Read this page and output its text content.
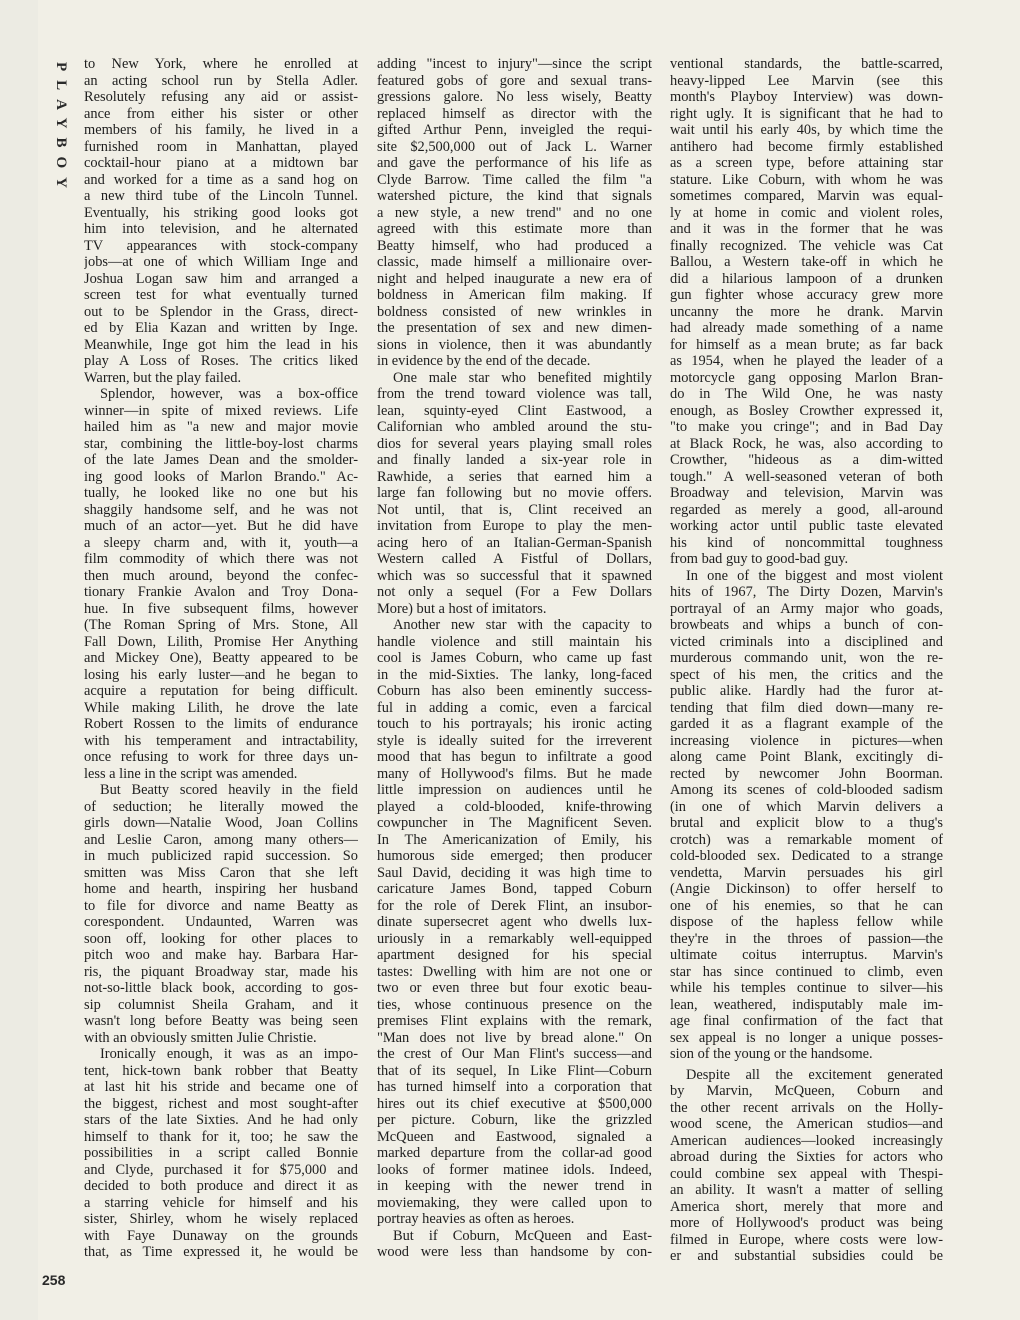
PLAYBOY
258
to New York, where he enrolled at
an acting school run by Stella Adler.
Resolutely refusing any aid or assist-
ance from either his sister or other
members of his family, he lived in a
furnished room in Manhattan, played
cocktail-hour piano at a midtown bar
and worked for a time as a sand hog on
a new third tube of the Lincoln Tunnel.
Eventually, his striking good looks got
him into television, and he alternated
TV appearances with stock-company
jobs—at one of which William Inge and
Joshua Logan saw him and arranged a
screen test for what eventually turned
out to be Splendor in the Grass, direct-
ed by Elia Kazan and written by Inge.
Meanwhile, Inge got him the lead in his
play A Loss of Roses. The critics liked
Warren, but the play failed.
Splendor, however, was a box-office
winner—in spite of mixed reviews. Life
hailed him as "a new and major movie
star, combining the little-boy-lost charms
of the late James Dean and the smolder-
ing good looks of Marlon Brando." Ac-
tually, he looked like no one but his
shaggily handsome self, and he was not
much of an actor—yet. But he did have
a sleepy charm and, with it, youth—a
film commodity of which there was not
then much around, beyond the confec-
tionary Frankie Avalon and Troy Dona-
hue. In five subsequent films, however
(The Roman Spring of Mrs. Stone, All
Fall Down, Lilith, Promise Her Anything
and Mickey One), Beatty appeared to be
losing his early luster—and he began to
acquire a reputation for being difficult.
While making Lilith, he drove the late
Robert Rossen to the limits of endurance
with his temperament and intractability,
once refusing to work for three days un-
less a line in the script was amended.
But Beatty scored heavily in the field
of seduction; he literally mowed the
girls down—Natalie Wood, Joan Collins
and Leslie Caron, among many others—
in much publicized rapid succession. So
smitten was Miss Caron that she left
home and hearth, inspiring her husband
to file for divorce and name Beatty as
corespondent. Undaunted, Warren was
soon off, looking for other places to
pitch woo and make hay. Barbara Har-
ris, the piquant Broadway star, made his
not-so-little black book, according to gos-
sip columnist Sheila Graham, and it
wasn't long before Beatty was being seen
with an obviously smitten Julie Christie.
Ironically enough, it was as an impo-
tent, hick-town bank robber that Beatty
at last hit his stride and became one of
the biggest, richest and most sought-after
stars of the late Sixties. And he had only
himself to thank for it, too; he saw the
possibilities in a script called Bonnie
and Clyde, purchased it for $75,000 and
decided to both produce and direct it as
a starring vehicle for himself and his
sister, Shirley, whom he wisely replaced
with Faye Dunaway on the grounds
that, as Time expressed it, he would be
adding "incest to injury"—since the script
featured gobs of gore and sexual trans-
gressions galore. No less wisely, Beatty
replaced himself as director with the
gifted Arthur Penn, inveigled the requi-
site $2,500,000 out of Jack L. Warner
and gave the performance of his life as
Clyde Barrow. Time called the film "a
watershed picture, the kind that signals
a new style, a new trend" and no one
agreed with this estimate more than
Beatty himself, who had produced a
classic, made himself a millionaire over-
night and helped inaugurate a new era of
boldness in American film making. If
boldness consisted of new wrinkles in
the presentation of sex and new dimen-
sions in violence, then it was abundantly
in evidence by the end of the decade.
One male star who benefited mightily
from the trend toward violence was tall,
lean, squinty-eyed Clint Eastwood, a
Californian who ambled around the stu-
dios for several years playing small roles
and finally landed a six-year role in
Rawhide, a series that earned him a
large fan following but no movie offers.
Not until, that is, Clint received an
invitation from Europe to play the men-
acing hero of an Italian-German-Spanish
Western called A Fistful of Dollars,
which was so successful that it spawned
not only a sequel (For a Few Dollars
More) but a host of imitators.
Another new star with the capacity to
handle violence and still maintain his
cool is James Coburn, who came up fast
in the mid-Sixties. The lanky, long-faced
Coburn has also been eminently success-
ful in adding a comic, even a farcical
touch to his portrayals; his ironic acting
style is ideally suited for the irreverent
mood that has begun to infiltrate a good
many of Hollywood's films. But he made
little impression on audiences until he
played a cold-blooded, knife-throwing
cowpuncher in The Magnificent Seven.
In The Americanization of Emily, his
humorous side emerged; then producer
Saul David, deciding it was high time to
caricature James Bond, tapped Coburn
for the role of Derek Flint, an insubor-
dinate supersecret agent who dwells lux-
uriously in a remarkably well-equipped
apartment designed for his special
tastes: Dwelling with him are not one or
two or even three but four exotic beau-
ties, whose continuous presence on the
premises Flint explains with the remark,
"Man does not live by bread alone." On
the crest of Our Man Flint's success—and
that of its sequel, In Like Flint—Coburn
has turned himself into a corporation that
hires out its chief executive at $500,000
per picture. Coburn, like the grizzled
McQueen and Eastwood, signaled a
marked departure from the collar-ad good
looks of former matinee idols. Indeed,
in keeping with the newer trend in
moviemaking, they were called upon to
portray heavies as often as heroes.
But if Coburn, McQueen and East-
wood were less than handsome by con-
ventional standards, the battle-scarred,
heavy-lipped Lee Marvin (see this
month's Playboy Interview) was down-
right ugly. It is significant that he had to
wait until his early 40s, by which time the
antihero had become firmly established
as a screen type, before attaining star
stature. Like Coburn, with whom he was
sometimes compared, Marvin was equal-
ly at home in comic and violent roles,
and it was in the former that he was
finally recognized. The vehicle was Cat
Ballou, a Western take-off in which he
did a hilarious lampoon of a drunken
gun fighter whose accuracy grew more
uncanny the more he drank. Marvin
had already made something of a name
for himself as a mean brute; as far back
as 1954, when he played the leader of a
motorcycle gang opposing Marlon Bran-
do in The Wild One, he was nasty
enough, as Bosley Crowther expressed it,
"to make you cringe"; and in Bad Day
at Black Rock, he was, also according to
Crowther, "hideous as a dim-witted
tough." A well-seasoned veteran of both
Broadway and television, Marvin was
regarded as merely a good, all-around
working actor until public taste elevated
his kind of noncommittal toughness
from bad guy to good-bad guy.
In one of the biggest and most violent
hits of 1967, The Dirty Dozen, Marvin's
portrayal of an Army major who goads,
browbeats and whips a bunch of con-
victed criminals into a disciplined and
murderous commando unit, won the re-
spect of his men, the critics and the
public alike. Hardly had the furor at-
tending that film died down—many re-
garded it as a flagrant example of the
increasing violence in pictures—when
along came Point Blank, excitingly di-
rected by newcomer John Boorman.
Among its scenes of cold-blooded sadism
(in one of which Marvin delivers a
brutal and explicit blow to a thug's
crotch) was a remarkable moment of
cold-blooded sex. Dedicated to a strange
vendetta, Marvin persuades his girl
(Angie Dickinson) to offer herself to
one of his enemies, so that he can
dispose of the hapless fellow while
they're in the throes of passion—the
ultimate coitus interruptus. Marvin's
star has since continued to climb, even
while his temples continue to silver—his
lean, weathered, indisputably male im-
age final confirmation of the fact that
sex appeal is no longer a unique posses-
sion of the young or the handsome.
Despite all the excitement generated
by Marvin, McQueen, Coburn and
the other recent arrivals on the Holly-
wood scene, the American studios—and
American audiences—looked increasingly
abroad during the Sixties for actors who
could combine sex appeal with Thespi-
an ability. It wasn't a matter of selling
America short, merely that more and
more of Hollywood's product was being
filmed in Europe, where costs were low-
er and substantial subsidies could be
